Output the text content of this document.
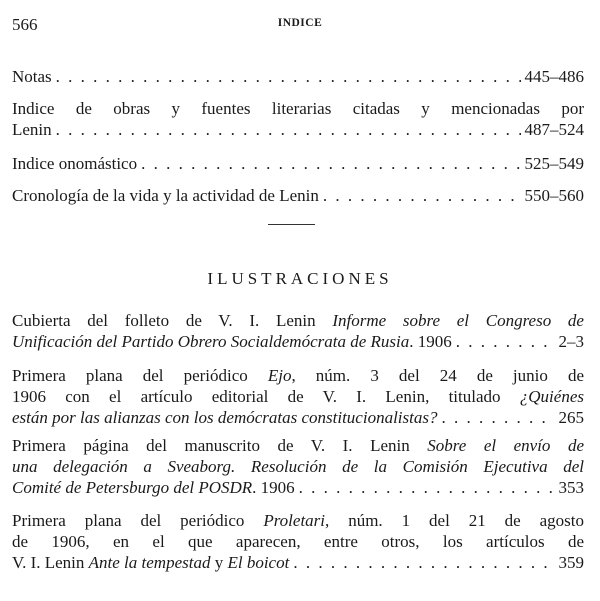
566	INDICE
Notas . . .	445–486
Indice de obras y fuentes literarias citadas y mencionadas por
Lenin . . .	487–524
Indice onomástico . . .	525–549
Cronología de la vida y la actividad de Lenin . . .	550–560
ILUSTRACIONES
Cubierta del folleto de V. I. Lenin Informe sobre el Congreso de
Unificación del Partido Obrero Socialdemócrata de Rusia. 1906 . . .	2–3
Primera plana del periódico Ejo, núm. 3 del 24 de junio de
1906 con el artículo editorial de V. I. Lenin, titulado ¿Quiénes
están por las alianzas con los demócratas constitucionalistas? . . .	265
Primera página del manuscrito de V. I. Lenin Sobre el envío de
una delegación a Sveaborg. Resolución de la Comisión Ejecutiva del
Comité de Petersburgo del POSDR. 1906 . . .	353
Primera plana del periódico Proletari, núm. 1 del 21 de agosto
de 1906, en el que aparecen, entre otros, los artículos de
V. I. Lenin Ante la tempestad y El boicot . . .	359
